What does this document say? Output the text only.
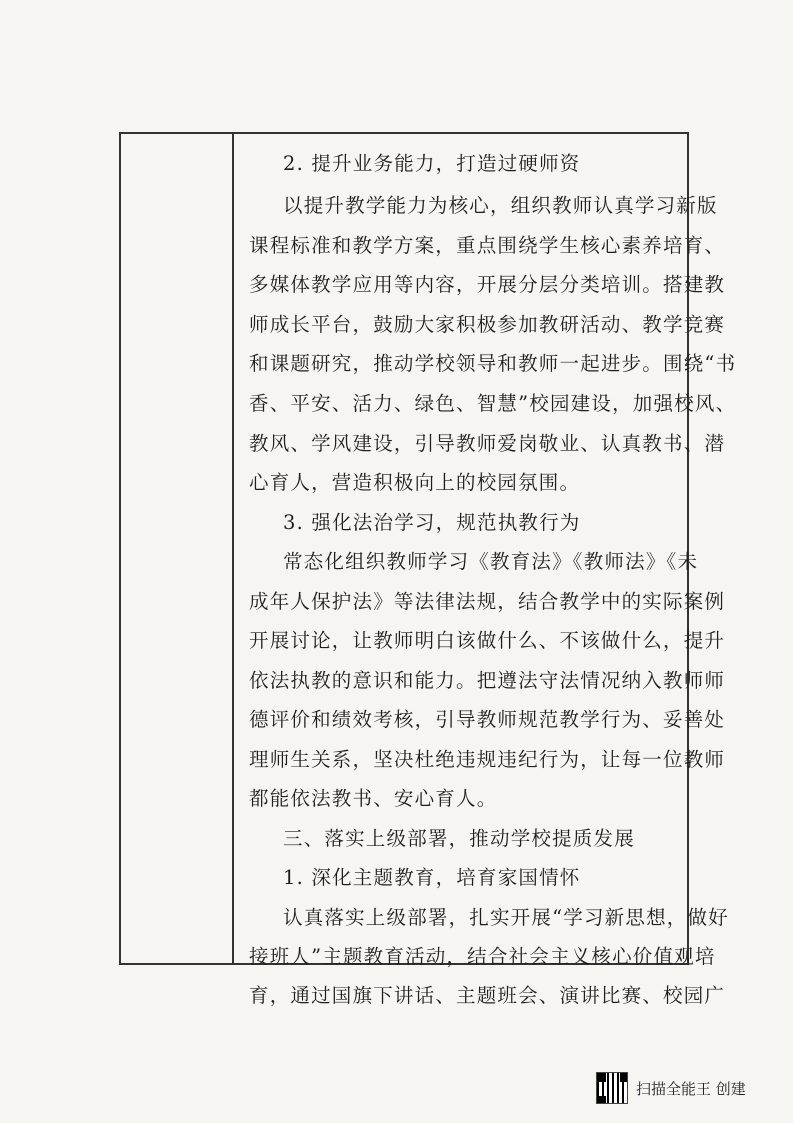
2. 提升业务能力，打造过硬师资
以提升教学能力为核心，组织教师认真学习新版
课程标准和教学方案，重点围绕学生核心素养培育、
多媒体教学应用等内容，开展分层分类培训。搭建教
师成长平台，鼓励大家积极参加教研活动、教学竞赛
和课题研究，推动学校领导和教师一起进步。围绕“书
香、平安、活力、绿色、智慧”校园建设，加强校风、
教风、学风建设，引导教师爱岗敬业、认真教书、潜
心育人，营造积极向上的校园氛围。
3. 强化法治学习，规范执教行为
常态化组织教师学习《教育法》《教师法》《未
成年人保护法》等法律法规，结合教学中的实际案例
开展讨论，让教师明白该做什么、不该做什么，提升
依法执教的意识和能力。把遵法守法情况纳入教师师
德评价和绩效考核，引导教师规范教学行为、妥善处
理师生关系，坚决杜绝违规违纪行为，让每一位教师
都能依法教书、安心育人。
三、落实上级部署，推动学校提质发展
1. 深化主题教育，培育家国情怀
认真落实上级部署，扎实开展“学习新思想，做好
接班人”主题教育活动，结合社会主义核心价值观培
育，通过国旗下讲话、主题班会、演讲比赛、校园广
扫描全能王 创建
